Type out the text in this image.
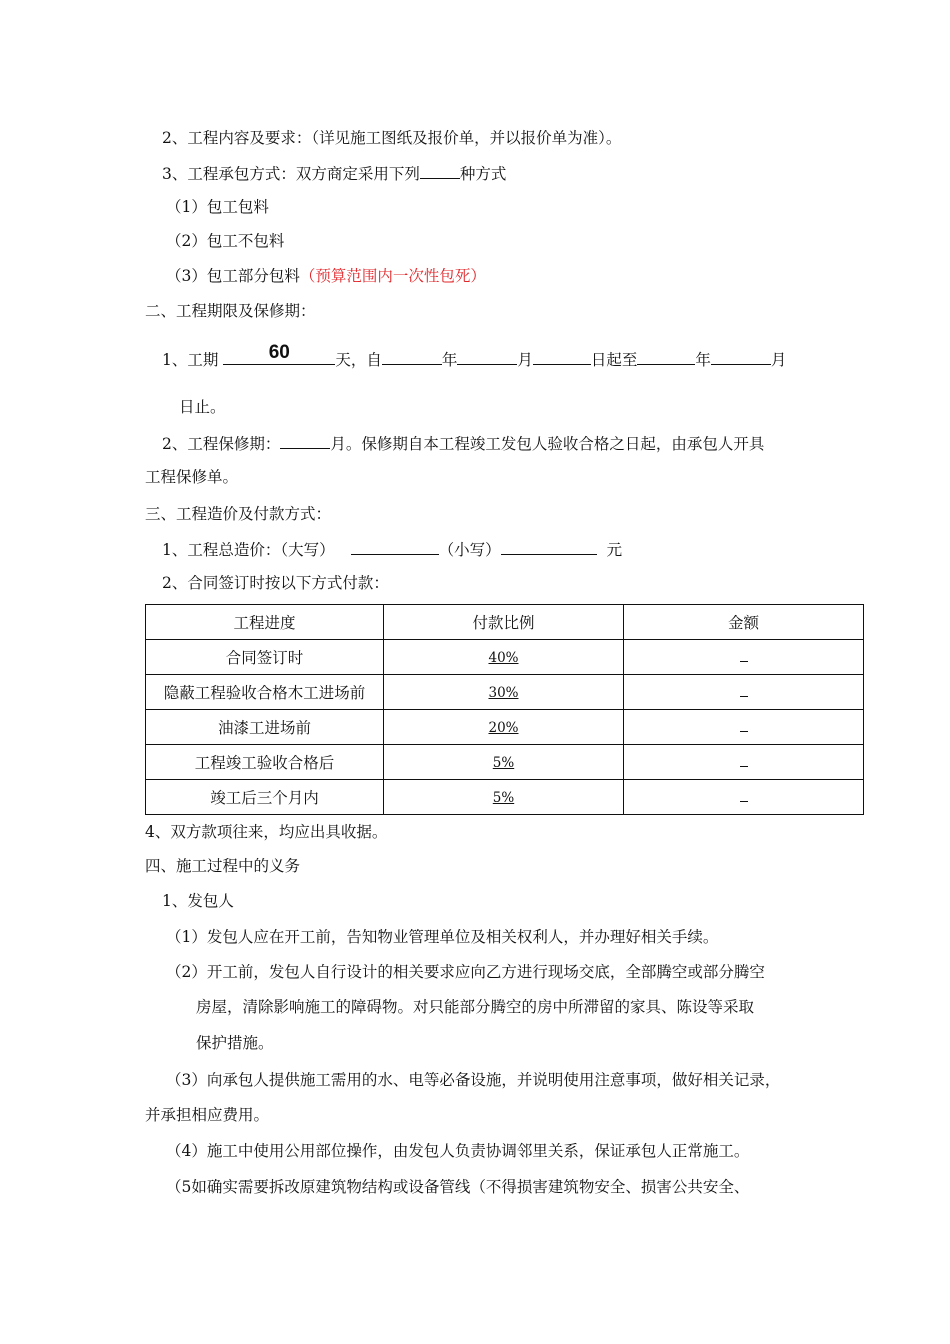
2、工程内容及要求：（详见施工图纸及报价单，并以报价单为准）。
3、工程承包方式：双方商定采用下列	种方式
（1）包工包料
（2）包工不包料
（3）包工部分包料（预算范围内一次性包死）
二、工程期限及保修期：
1、工期	60	天，自	年	月	日起至	年	月
日止。
2、工程保修期：	月。保修期自本工程竣工发包人验收合格之日起，由承包人开具
工程保修单。
三、工程造价及付款方式：
1、工程总造价：（大写）	（小写）	元
2、合同签订时按以下方式付款：
工程进度	付款比例	金额
合同签订时	40%	
隐蔽工程验收合格木工进场前	30%	
油漆工进场前	20%	
工程竣工验收合格后	5%	
竣工后三个月内	5%	
4、双方款项往来，均应出具收据。
四、施工过程中的义务
1、发包人
（1）发包人应在开工前，告知物业管理单位及相关权利人，并办理好相关手续。
（2）开工前，发包人自行设计的相关要求应向乙方进行现场交底，全部腾空或部分腾空
房屋，清除影响施工的障碍物。对只能部分腾空的房中所滞留的家具、陈设等采取
保护措施。
（3）向承包人提供施工需用的水、电等必备设施，并说明使用注意事项，做好相关记录，
并承担相应费用。
（4）施工中使用公用部位操作，由发包人负责协调邻里关系，保证承包人正常施工。
（5如确实需要拆改原建筑物结构或设备管线（不得损害建筑物安全、损害公共安全、
